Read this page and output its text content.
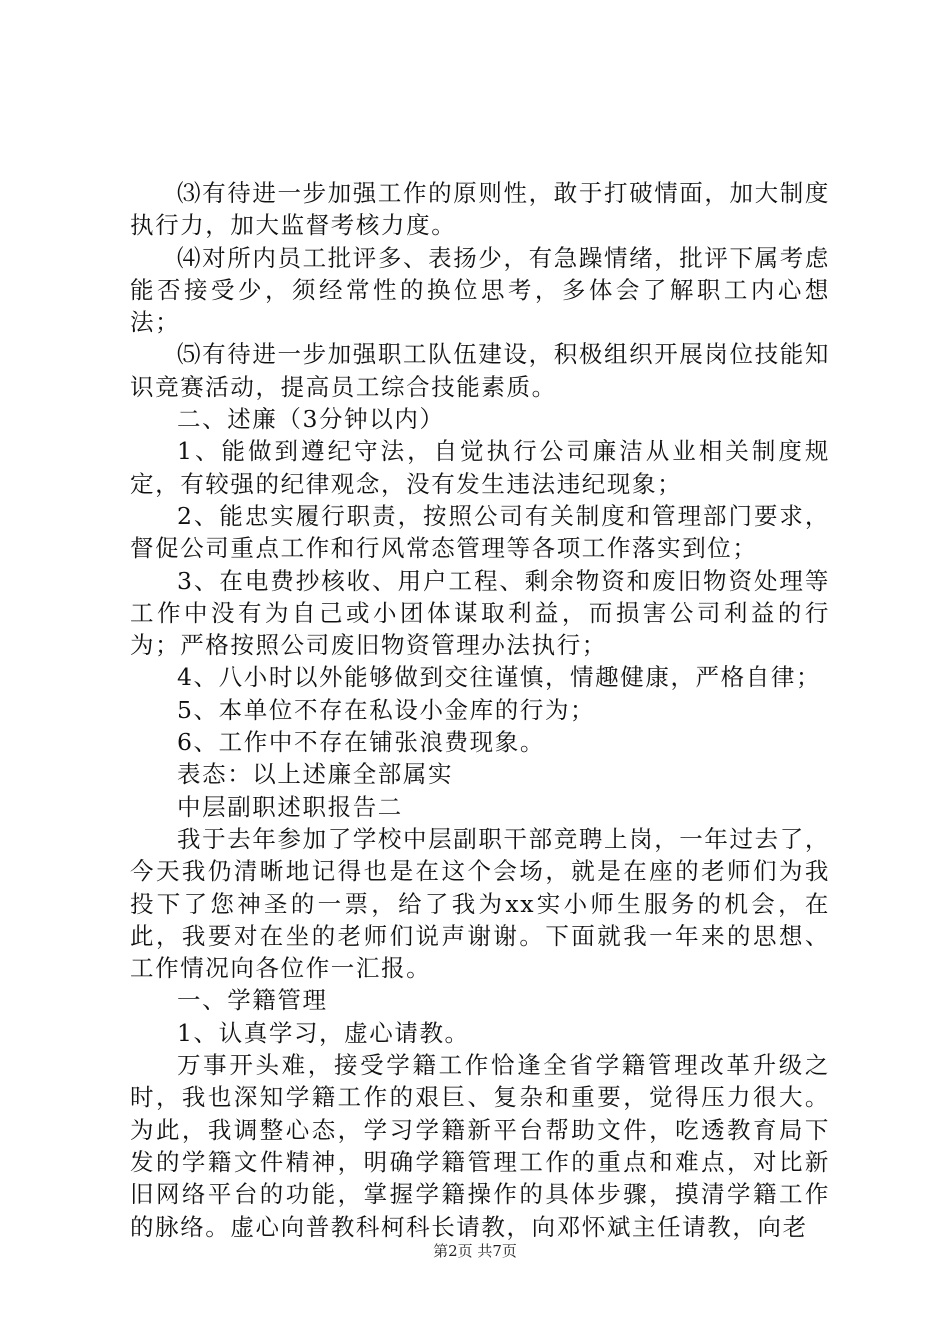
⑶有待进一步加强工作的原则性，敢于打破情面，加大制度执行力，加大监督考核力度。

⑷对所内员工批评多、表扬少，有急躁情绪，批评下属考虑能否接受少，须经常性的换位思考，多体会了解职工内心想法；

⑸有待进一步加强职工队伍建设，积极组织开展岗位技能知识竞赛活动，提高员工综合技能素质。

二、述廉（3分钟以内）

1、能做到遵纪守法，自觉执行公司廉洁从业相关制度规定，有较强的纪律观念，没有发生违法违纪现象；

2、能忠实履行职责，按照公司有关制度和管理部门要求，督促公司重点工作和行风常态管理等各项工作落实到位；

3、在电费抄核收、用户工程、剩余物资和废旧物资处理等工作中没有为自己或小团体谋取利益，而损害公司利益的行为；严格按照公司废旧物资管理办法执行；

4、八小时以外能够做到交往谨慎，情趣健康，严格自律；

5、本单位不存在私设小金库的行为；

6、工作中不存在铺张浪费现象。

表态：以上述廉全部属实

中层副职述职报告二

我于去年参加了学校中层副职干部竞聘上岗，一年过去了，今天我仍清晰地记得也是在这个会场，就是在座的老师们为我投下了您神圣的一票，给了我为xx实小师生服务的机会，在此，我要对在坐的老师们说声谢谢。下面就我一年来的思想、工作情况向各位作一汇报。

一、学籍管理

1、认真学习，虚心请教。

万事开头难，接受学籍工作恰逢全省学籍管理改革升级之时，我也深知学籍工作的艰巨、复杂和重要，觉得压力很大。为此，我调整心态，学习学籍新平台帮助文件，吃透教育局下发的学籍文件精神，明确学籍管理工作的重点和难点，对比新旧网络平台的功能，掌握学籍操作的具体步骤，摸清学籍工作的脉络。虚心向普教科柯科长请教，向邓怀斌主任请教，向老

第2页 共7页
